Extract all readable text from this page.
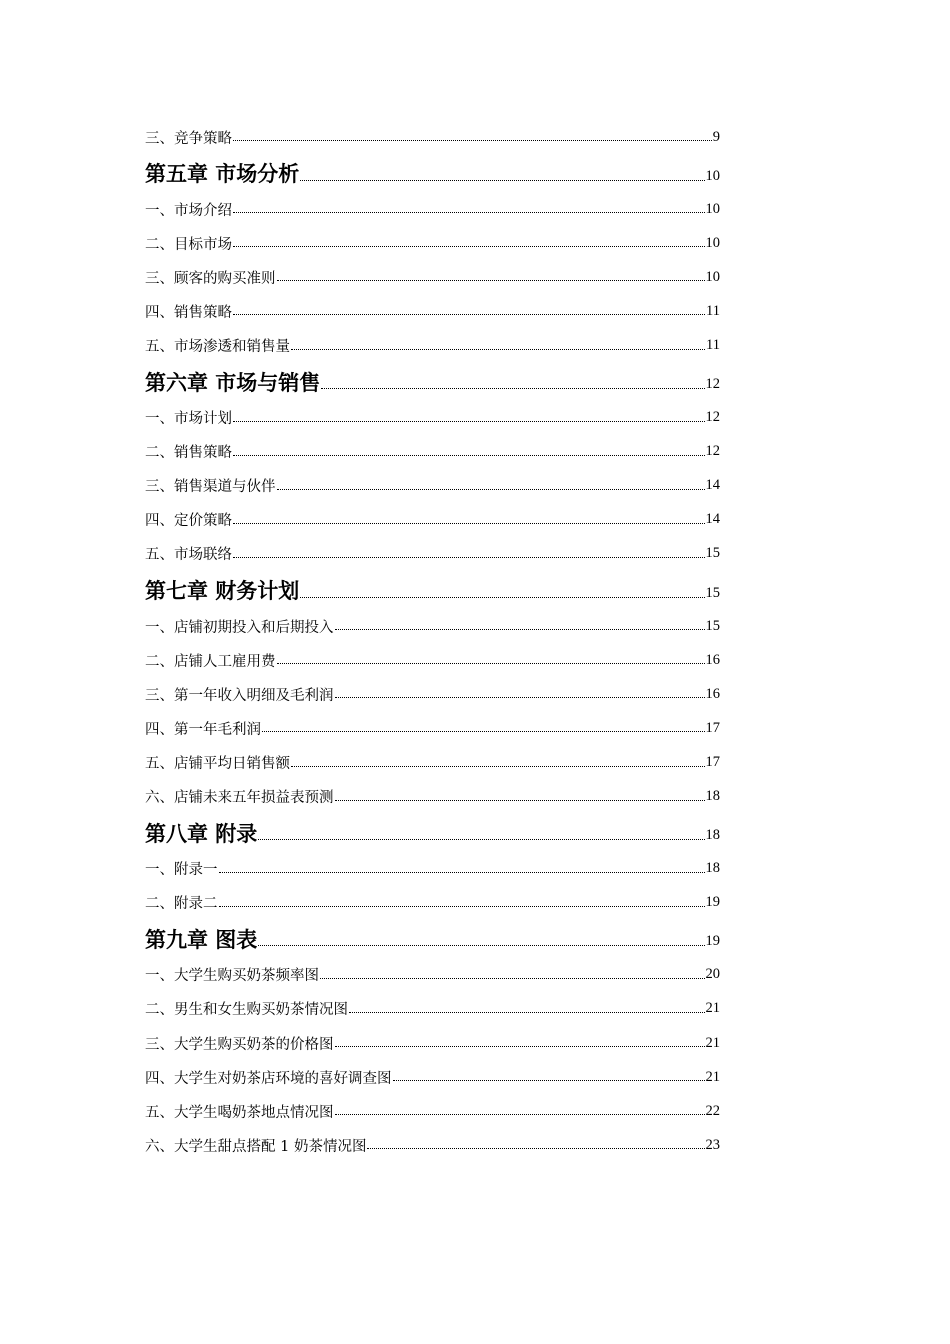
三、竞争策略	9
第五章 市场分析	10
一、市场介绍	10
二、目标市场	10
三、顾客的购买准则	10
四、销售策略	11
五、市场渗透和销售量	11
第六章 市场与销售	12
一、市场计划	12
二、销售策略	12
三、销售渠道与伙伴	14
四、定价策略	14
五、市场联络	15
第七章 财务计划	15
一、店铺初期投入和后期投入	15
二、店铺人工雇用费	16
三、第一年收入明细及毛利润	16
四、第一年毛利润	17
五、店铺平均日销售额	17
六、店铺未来五年损益表预测	18
第八章 附录	18
一、附录一	18
二、附录二	19
第九章 图表	19
一、大学生购买奶茶频率图	20
二、男生和女生购买奶茶情况图	21
三、大学生购买奶茶的价格图	21
四、大学生对奶茶店环境的喜好调查图	21
五、大学生喝奶茶地点情况图	22
六、大学生甜点搭配 1 奶茶情况图	23
